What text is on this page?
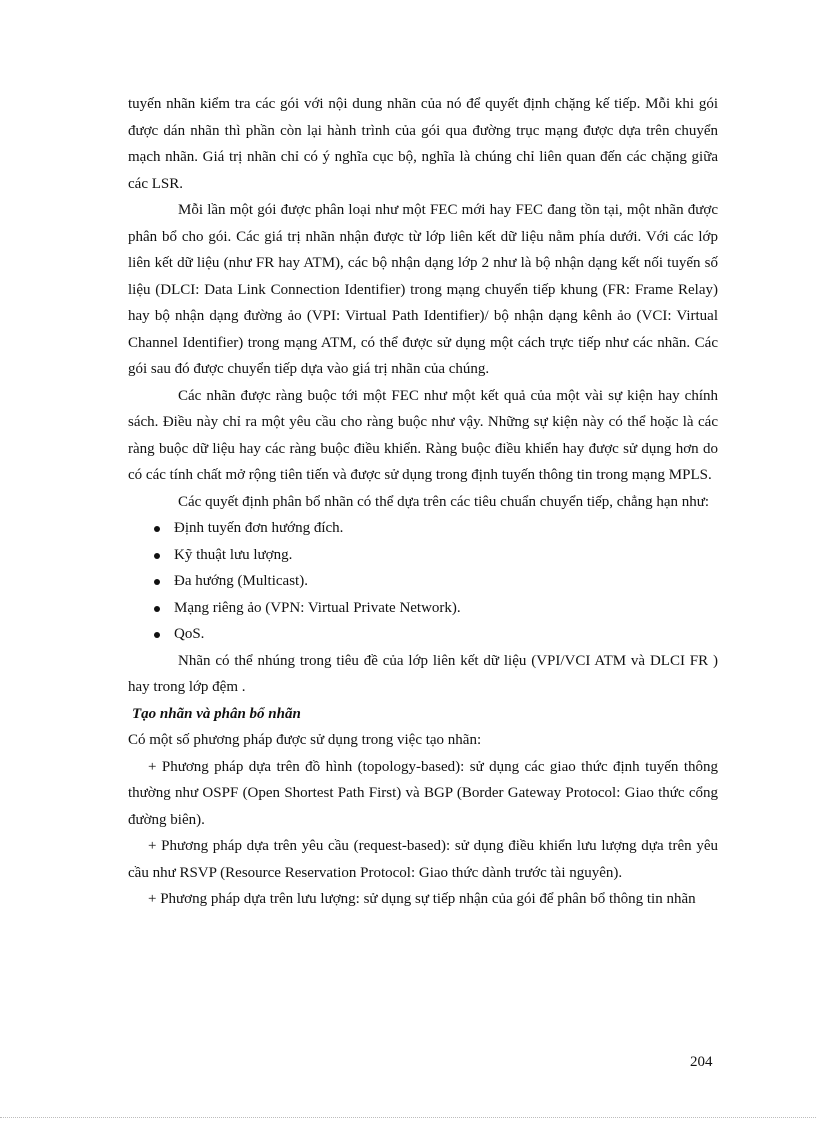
tuyến nhãn kiểm tra các gói với nội dung nhãn của nó để quyết định chặng kế tiếp. Mỗi khi gói được dán nhãn thì phần còn lại hành trình của gói qua đường trục mạng được dựa trên chuyển mạch nhãn. Giá trị nhãn chỉ có ý nghĩa cục bộ, nghĩa là chúng chỉ liên quan đến các chặng giữa các LSR.

Mỗi lần một gói được phân loại như một FEC mới hay FEC đang tồn tại, một nhãn được phân bổ cho gói. Các giá trị nhãn nhận được từ lớp liên kết dữ liệu nằm phía dưới. Với các lớp liên kết dữ liệu (như FR hay ATM), các bộ nhận dạng lớp 2 như là bộ nhận dạng kết nối tuyến số liệu (DLCI: Data Link Connection Identifier) trong mạng chuyển tiếp khung (FR: Frame Relay) hay bộ nhận dạng đường ảo (VPI: Virtual Path Identifier)/ bộ nhận dạng kênh ảo (VCI: Virtual Channel Identifier) trong mạng ATM, có thể được sử dụng một cách trực tiếp như các nhãn. Các gói sau đó được chuyển tiếp dựa vào giá trị nhãn của chúng.

Các nhãn được ràng buộc tới một FEC như một kết quả của một vài sự kiện hay chính sách. Điều này chỉ ra một yêu cầu cho ràng buộc như vậy. Những sự kiện này có thể hoặc là các ràng buộc dữ liệu hay các ràng buộc điều khiển. Ràng buộc điều khiển hay được sử dụng hơn do có các tính chất mở rộng tiên tiến và được sử dụng trong định tuyến thông tin trong mạng MPLS.

Các quyết định phân bổ nhãn có thể dựa trên các tiêu chuẩn chuyển tiếp, chẳng hạn như:

Định tuyến đơn hướng đích.
Kỹ thuật lưu lượng.
Đa hướng (Multicast).
Mạng riêng ảo (VPN: Virtual Private Network).
QoS.

Nhãn có thể nhúng trong tiêu đề của lớp liên kết dữ liệu (VPI/VCI ATM và DLCI FR ) hay trong lớp đệm .

Tạo nhãn và phân bổ nhãn

Có một số phương pháp được sử dụng trong việc tạo nhãn:

+ Phương pháp dựa trên đồ hình (topology-based): sử dụng các giao thức định tuyến thông thường như OSPF (Open Shortest Path First) và BGP (Border Gateway Protocol: Giao thức cổng đường biên).

+ Phương pháp dựa trên yêu cầu (request-based): sử dụng điều khiển lưu lượng dựa trên yêu cầu như RSVP (Resource Reservation Protocol: Giao thức dành trước tài nguyên).

+ Phương pháp dựa trên lưu lượng: sử dụng sự tiếp nhận của gói để phân bổ thông tin nhãn

204
